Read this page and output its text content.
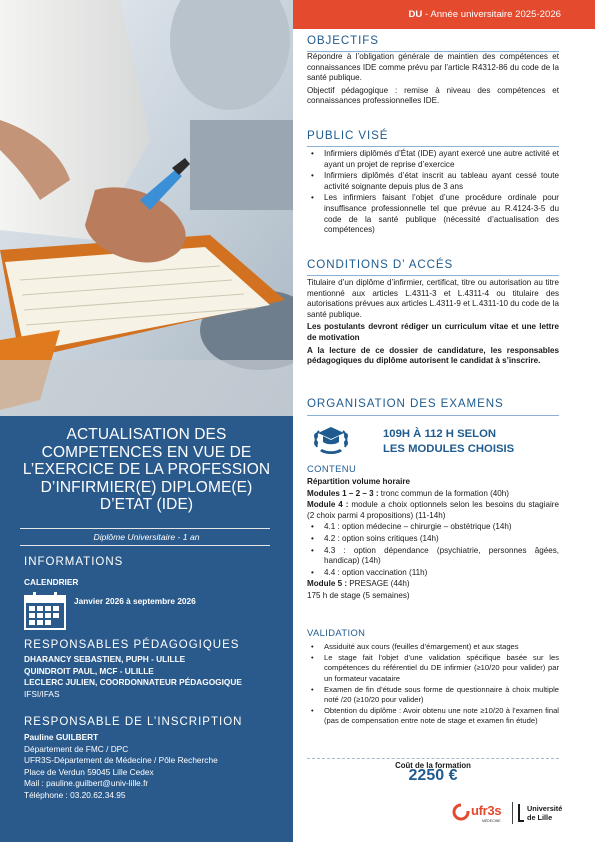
ACTUALISATION DES
COMPETENCES EN VUE DE
L’EXERCICE DE LA PROFESSION
D’INFIRMIER(E) DIPLOME(E)
D’ETAT (IDE)
Diplôme Universitaire - 1 an
INFORMATIONS
CALENDRIER
Janvier 2026 à septembre 2026
RESPONSABLES PÉDAGOGIQUES
DHARANCY SEBASTIEN, PUPH - ULILLE
QUINDROIT PAUL, MCF - ULILLE
LECLERC JULIEN, COORDONNATEUR PÉDAGOGIQUE
IFSI/IFAS
RESPONSABLE DE L’INSCRIPTION
Pauline GUILBERT
Département de FMC / DPC
UFR3S-Département de Médecine / Pôle Recherche
Place de Verdun 59045 Lille Cedex
Mail : pauline.guilbert@univ-lille.fr
Téléphone : 03.20.62.34.95
DU - Année universitaire 2025-2026
OBJECTIFS

Répondre à l’obligation générale de maintien des compétences et connaissances IDE comme prévu par l’article R4312-86 du code de la santé publique.

Objectif pédagogique : remise à niveau des compétences et connaissances professionnelles IDE.

PUBLIC VISÉ
• Infirmiers diplômés d’État (IDE) ayant exercé une autre activité et ayant un projet de reprise d’exercice
• Infirmiers diplômés d’état inscrit au tableau ayant cessé toute activité soignante depuis plus de 3 ans
• Les infirmiers faisant l’objet d’une procédure ordinale pour insuffisance professionnelle tel que prévue au R.4124-3-5 du code de la santé publique (nécessité d’actualisation des compétences)
CONDITIONS D’ ACCÉS

Titulaire d’un diplôme d’infirmier, certificat, titre ou autorisation au titre mentionné aux articles L.4311-3 et L.4311-4 ou titulaire des autorisations prévues aux articles L.4311-9 et L.4311-10 du code de la santé publique.

Les postulants devront rédiger un curriculum vitae et une lettre de motivation

A la lecture de ce dossier de candidature, les responsables pédagogiques du diplôme autorisent le candidat à s’inscrire.

ORGANISATION DES EXAMENS
109H À 112 H SELON
LES MODULES CHOISIS
CONTENU

Répartition volume horaire

Modules 1 – 2 – 3 : tronc commun de la formation (40h)

Module 4 : module a choix optionnels selon les besoins du stagiaire (2 choix parmi 4 propositions) (11-14h)

• 4.1 : option médecine – chirurgie – obstétrique (14h)
• 4.2 : option soins critiques (14h)
• 4.3 : option dépendance (psychiatrie, personnes âgées, handicap) (14h)
• 4.4 : option vaccination (11h)

Module 5 : PRESAGE (44h)

175 h de stage (5 semaines)

VALIDATION
• Assiduité aux cours (feuilles d’émargement) et aux stages
• Le stage fait l’objet d’une validation spécifique basée sur les compétences du référentiel du DE infirmier (≥10/20 pour valider) par un formateur vacataire
• Examen de fin d’étude sous forme de questionnaire à choix multiple noté /20 (≥10/20 pour valider)
• Obtention du diplôme : Avoir obtenu une note ≥10/20 à l’examen final (pas de compensation entre note de stage et examen fin étude)
Coût de la formation
2250 €
ufr3s
MÉDECINE
Université
de Lille
